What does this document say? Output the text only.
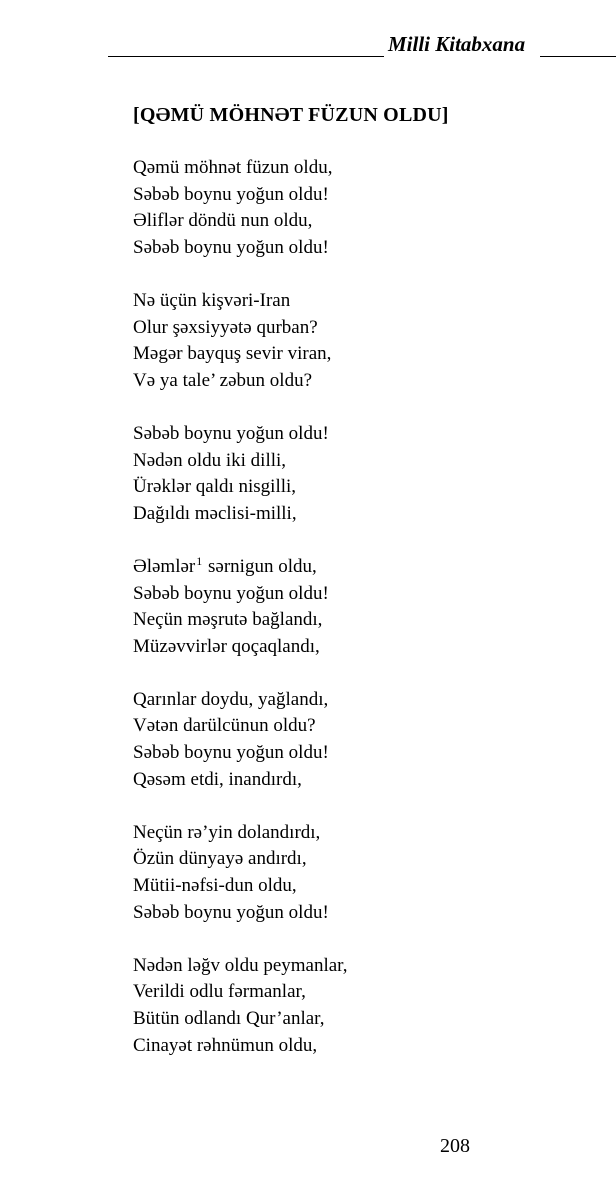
Milli Kitabxana
[QƏMÜ MÖHNƏT FÜZUN OLDU]
Qəmü möhnət füzun oldu,
Səbəb boynu yoğun oldu!
Əliflər döndü nun oldu,
Səbəb boynu yoğun oldu!
Nə üçün kişvəri-Iran
Olur şəxsiyyətə qurban?
Məgər bayquş sevir viran,
Və ya tale’ zəbun oldu?
Səbəb boynu yoğun oldu!
Nədən oldu iki dilli,
Ürəklər qaldı nisgilli,
Dağıldı məclisi-milli,
Ələmlər$^1$ sərnigun oldu,
Səbəb boynu yoğun oldu!
Neçün məşrutə bağlandı,
Müzəvvirlər qoçaqlandı,
Qarınlar doydu, yağlandı,
Vətən darülcünun oldu?
Səbəb boynu yoğun oldu!
Qəsəm etdi, inandırdı,
Neçün rə’yin dolandırdı,
Özün dünyayə andırdı,
Mütii-nəfsi-dun oldu,
Səbəb boynu yoğun oldu!
Nədən ləğv oldu peymanlar,
Verildi odlu fərmanlar,
Bütün odlandı Qur’anlar,
Cinayət rəhnümun oldu,
208
